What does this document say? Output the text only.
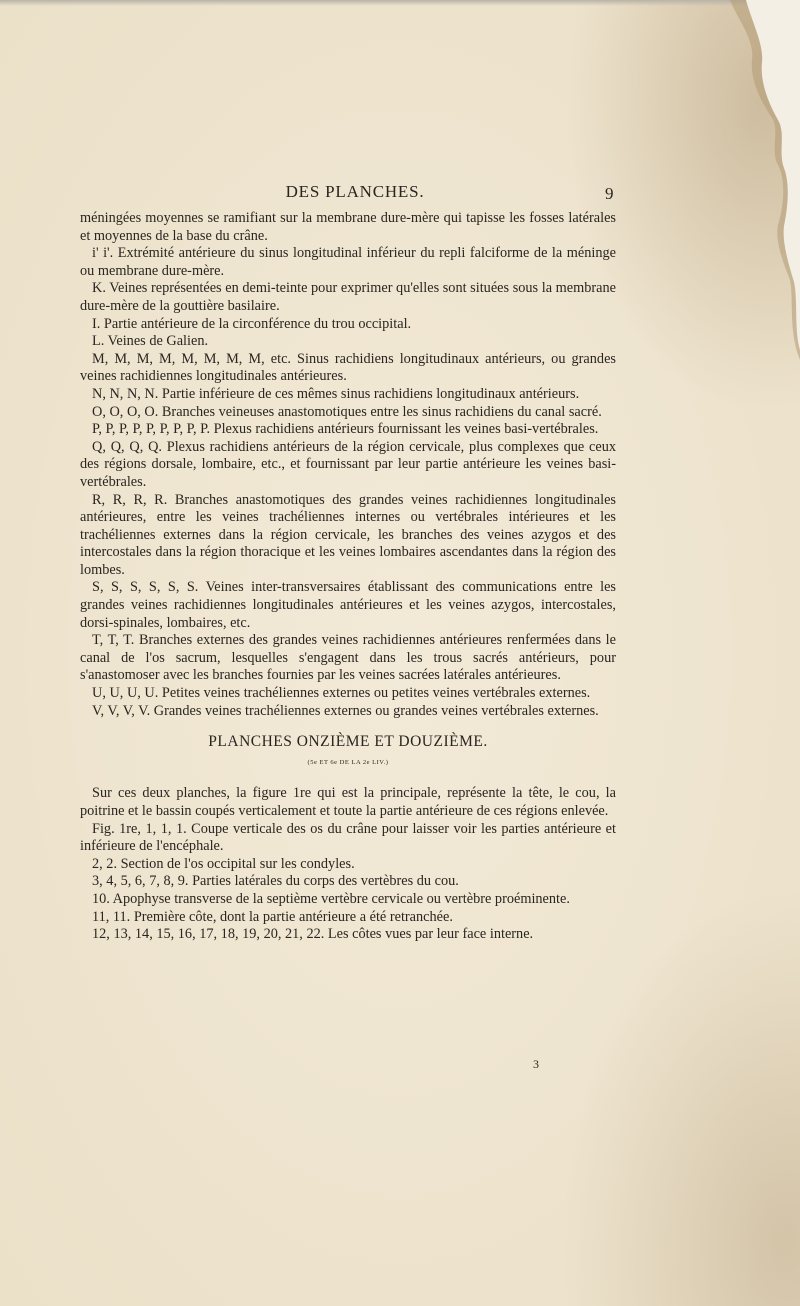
DES PLANCHES.	9

méningées moyennes se ramifiant sur la membrane dure-mère qui tapisse les fosses latérales et moyennes de la base du crâne.

i' i'. Extrémité antérieure du sinus longitudinal inférieur du repli falciforme de la méninge ou membrane dure-mère.

K. Veines représentées en demi-teinte pour exprimer qu'elles sont situées sous la membrane dure-mère de la gouttière basilaire.

I. Partie antérieure de la circonférence du trou occipital.

L. Veines de Galien.

M, M, M, M, M, M, M, M, etc. Sinus rachidiens longitudinaux antérieurs, ou grandes veines rachidiennes longitudinales antérieures.

N, N, N, N. Partie inférieure de ces mêmes sinus rachidiens longitudinaux antérieurs.

O, O, O, O. Branches veineuses anastomotiques entre les sinus rachidiens du canal sacré.

P, P, P, P, P, P, P, P, P. Plexus rachidiens antérieurs fournissant les veines basi-vertébrales.

Q, Q, Q, Q. Plexus rachidiens antérieurs de la région cervicale, plus complexes que ceux des régions dorsale, lombaire, etc., et fournissant par leur partie antérieure les veines basi-vertébrales.

R, R, R, R. Branches anastomotiques des grandes veines rachidiennes longitudinales antérieures, entre les veines trachéliennes internes ou vertébrales intérieures et les trachéliennes externes dans la région cervicale, les branches des veines azygos et des intercostales dans la région thoracique et les veines lombaires ascendantes dans la région des lombes.

S, S, S, S, S, S. Veines inter-transversaires établissant des communications entre les grandes veines rachidiennes longitudinales antérieures et les veines azygos, intercostales, dorsi-spinales, lombaires, etc.

T, T, T. Branches externes des grandes veines rachidiennes antérieures renfermées dans le canal de l'os sacrum, lesquelles s'engagent dans les trous sacrés antérieurs, pour s'anastomoser avec les branches fournies par les veines sacrées latérales antérieures.

U, U, U, U. Petites veines trachéliennes externes ou petites veines vertébrales externes.

V, V, V, V. Grandes veines trachéliennes externes ou grandes veines vertébrales externes.

PLANCHES ONZIÈME ET DOUZIÈME.
(5e ET 6e DE LA 2e LIV.)

Sur ces deux planches, la figure 1re qui est la principale, représente la tête, le cou, la poitrine et le bassin coupés verticalement et toute la partie antérieure de ces régions enlevée.

Fig. 1re, 1, 1, 1. Coupe verticale des os du crâne pour laisser voir les parties antérieure et inférieure de l'encéphale.

2, 2. Section de l'os occipital sur les condyles.

3, 4, 5, 6, 7, 8, 9. Parties latérales du corps des vertèbres du cou.

10. Apophyse transverse de la septième vertèbre cervicale ou vertèbre proéminente.

11, 11. Première côte, dont la partie antérieure a été retranchée.

12, 13, 14, 15, 16, 17, 18, 19, 20, 21, 22. Les côtes vues par leur face interne.

3
